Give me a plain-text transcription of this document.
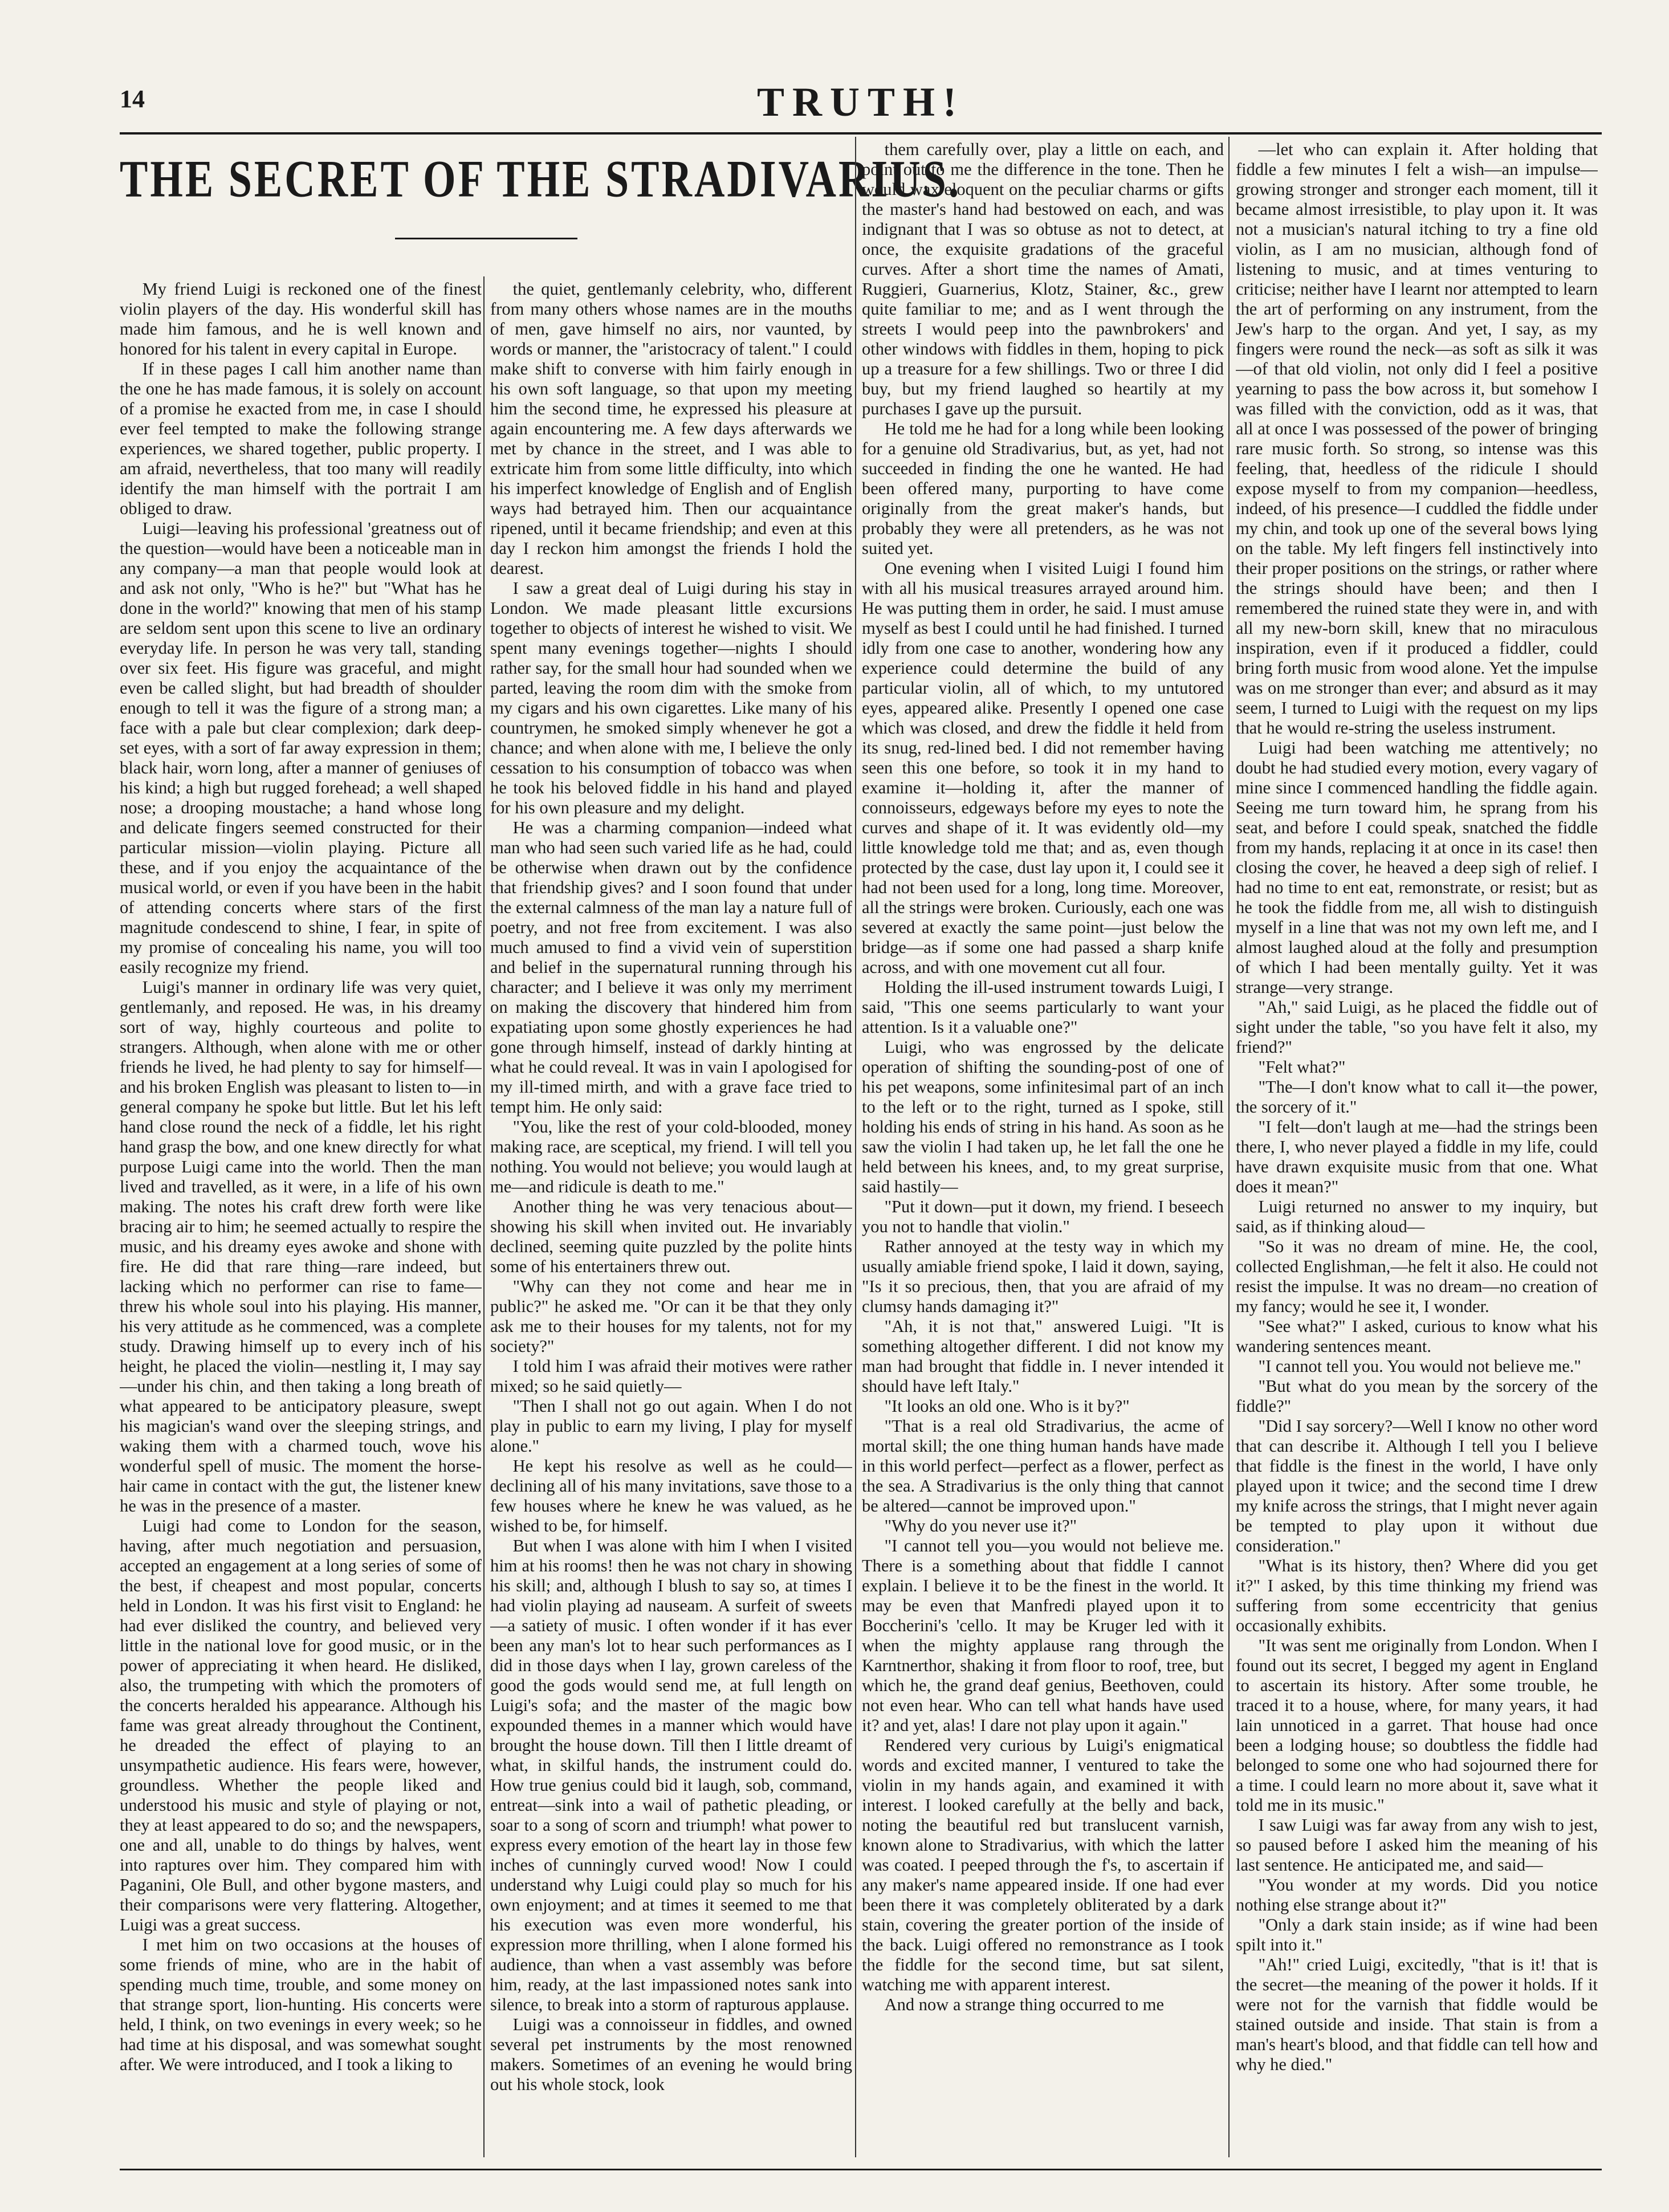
14	TRUTH!
THE SECRET OF THE STRADIVARIUS.

My friend Luigi is reckoned one of the finest violin players of the day. His wonderful skill has made him famous, and he is well known and honored for his talent in every capital in Europe.

If in these pages I call him another name than the one he has made famous, it is solely on account of a promise he exacted from me, in case I should ever feel tempted to make the following strange experiences, we shared together, public property. I am afraid, nevertheless, that too many will readily identify the man himself with the portrait I am obliged to draw.

Luigi—leaving his professional 'greatness out of the question—would have been a noticeable man in any company—a man that people would look at and ask not only, "Who is he?" but "What has he done in the world?" knowing that men of his stamp are seldom sent upon this scene to live an ordinary everyday life. In person he was very tall, standing over six feet. His figure was graceful, and might even be called slight, but had breadth of shoulder enough to tell it was the figure of a strong man; a face with a pale but clear complexion; dark deep-set eyes, with a sort of far away expression in them; black hair, worn long, after a manner of geniuses of his kind; a high but rugged forehead; a well shaped nose; a drooping moustache; a hand whose long and delicate fingers seemed constructed for their particular mission—violin playing. Picture all these, and if you enjoy the acquaintance of the musical world, or even if you have been in the habit of attending concerts where stars of the first magnitude condescend to shine, I fear, in spite of my promise of concealing his name, you will too easily recognize my friend.

Luigi's manner in ordinary life was very quiet, gentlemanly, and reposed. He was, in his dreamy sort of way, highly courteous and polite to strangers. Although, when alone with me or other friends he lived, he had plenty to say for himself—and his broken English was pleasant to listen to—in general company he spoke but little. But let his left hand close round the neck of a fiddle, let his right hand grasp the bow, and one knew directly for what purpose Luigi came into the world. Then the man lived and travelled, as it were, in a life of his own making. The notes his craft drew forth were like bracing air to him; he seemed actually to respire the music, and his dreamy eyes awoke and shone with fire. He did that rare thing—rare indeed, but lacking which no performer can rise to fame—threw his whole soul into his playing. His manner, his very attitude as he commenced, was a complete study. Drawing himself up to every inch of his height, he placed the violin—nestling it, I may say—under his chin, and then taking a long breath of what appeared to be anticipatory pleasure, swept his magician's wand over the sleeping strings, and waking them with a charmed touch, wove his wonderful spell of music. The moment the horse-hair came in contact with the gut, the listener knew he was in the presence of a master.

Luigi had come to London for the season, having, after much negotiation and persuasion, accepted an engagement at a long series of some of the best, if cheapest and most popular, concerts held in London. It was his first visit to England: he had ever disliked the country, and believed very little in the national love for good music, or in the power of appreciating it when heard. He disliked, also, the trumpeting with which the promoters of the concerts heralded his appearance. Although his fame was great already throughout the Continent, he dreaded the effect of playing to an unsympathetic audience. His fears were, however, groundless. Whether the people liked and understood his music and style of playing or not, they at least appeared to do so; and the newspapers, one and all, unable to do things by halves, went into raptures over him. They compared him with Paganini, Ole Bull, and other bygone masters, and their comparisons were very flattering. Altogether, Luigi was a great success.

I met him on two occasions at the houses of some friends of mine, who are in the habit of spending much time, trouble, and some money on that strange sport, lion-hunting. His concerts were held, I think, on two evenings in every week; so he had time at his disposal, and was somewhat sought after. We were introduced, and I took a liking to

the quiet, gentlemanly celebrity, who, different from many others whose names are in the mouths of men, gave himself no airs, nor vaunted, by words or manner, the "aristocracy of talent." I could make shift to converse with him fairly enough in his own soft language, so that upon my meeting him the second time, he expressed his pleasure at again encountering me. A few days afterwards we met by chance in the street, and I was able to extricate him from some little difficulty, into which his imperfect knowledge of English and of English ways had betrayed him. Then our acquaintance ripened, until it became friendship; and even at this day I reckon him amongst the friends I hold the dearest.

I saw a great deal of Luigi during his stay in London. We made pleasant little excursions together to objects of interest he wished to visit. We spent many evenings together—nights I should rather say, for the small hour had sounded when we parted, leaving the room dim with the smoke from my cigars and his own cigarettes. Like many of his countrymen, he smoked simply whenever he got a chance; and when alone with me, I believe the only cessation to his consumption of tobacco was when he took his beloved fiddle in his hand and played for his own pleasure and my delight.

He was a charming companion—indeed what man who had seen such varied life as he had, could be otherwise when drawn out by the confidence that friendship gives? and I soon found that under the external calmness of the man lay a nature full of poetry, and not free from excitement. I was also much amused to find a vivid vein of superstition and belief in the supernatural running through his character; and I believe it was only my merriment on making the discovery that hindered him from expatiating upon some ghostly experiences he had gone through himself, instead of darkly hinting at what he could reveal. It was in vain I apologised for my ill-timed mirth, and with a grave face tried to tempt him. He only said:

"You, like the rest of your cold-blooded, money making race, are sceptical, my friend. I will tell you nothing. You would not believe; you would laugh at me—and ridicule is death to me."

Another thing he was very tenacious about—showing his skill when invited out. He invariably declined, seeming quite puzzled by the polite hints some of his entertainers threw out.

"Why can they not come and hear me in public?" he asked me. "Or can it be that they only ask me to their houses for my talents, not for my society?"

I told him I was afraid their motives were rather mixed; so he said quietly—

"Then I shall not go out again. When I do not play in public to earn my living, I play for myself alone."

He kept his resolve as well as he could—declining all of his many invitations, save those to a few houses where he knew he was valued, as he wished to be, for himself.

But when I was alone with him I when I visited him at his rooms! then he was not chary in showing his skill; and, although I blush to say so, at times I had violin playing ad nauseam. A surfeit of sweets—a satiety of music. I often wonder if it has ever been any man's lot to hear such performances as I did in those days when I lay, grown careless of the good the gods would send me, at full length on Luigi's sofa; and the master of the magic bow expounded themes in a manner which would have brought the house down. Till then I little dreamt of what, in skilful hands, the instrument could do. How true genius could bid it laugh, sob, command, entreat—sink into a wail of pathetic pleading, or soar to a song of scorn and triumph! what power to express every emotion of the heart lay in those few inches of cunningly curved wood! Now I could understand why Luigi could play so much for his own enjoyment; and at times it seemed to me that his execution was even more wonderful, his expression more thrilling, when I alone formed his audience, than when a vast assembly was before him, ready, at the last impassioned notes sank into silence, to break into a storm of rapturous applause.

Luigi was a connoisseur in fiddles, and owned several pet instruments by the most renowned makers. Sometimes of an evening he would bring out his whole stock, look

them carefully over, play a little on each, and point out to me the difference in the tone. Then he would wax eloquent on the peculiar charms or gifts the master's hand had bestowed on each, and was indignant that I was so obtuse as not to detect, at once, the exquisite gradations of the graceful curves. After a short time the names of Amati, Ruggieri, Guarnerius, Klotz, Stainer, &c., grew quite familiar to me; and as I went through the streets I would peep into the pawnbrokers' and other windows with fiddles in them, hoping to pick up a treasure for a few shillings. Two or three I did buy, but my friend laughed so heartily at my purchases I gave up the pursuit.

He told me he had for a long while been looking for a genuine old Stradivarius, but, as yet, had not succeeded in finding the one he wanted. He had been offered many, purporting to have come originally from the great maker's hands, but probably they were all pretenders, as he was not suited yet.

One evening when I visited Luigi I found him with all his musical treasures arrayed around him. He was putting them in order, he said. I must amuse myself as best I could until he had finished. I turned idly from one case to another, wondering how any experience could determine the build of any particular violin, all of which, to my untutored eyes, appeared alike. Presently I opened one case which was closed, and drew the fiddle it held from its snug, red-lined bed. I did not remember having seen this one before, so took it in my hand to examine it—holding it, after the manner of connoisseurs, edgeways before my eyes to note the curves and shape of it. It was evidently old—my little knowledge told me that; and as, even though protected by the case, dust lay upon it, I could see it had not been used for a long, long time. Moreover, all the strings were broken. Curiously, each one was severed at exactly the same point—just below the bridge—as if some one had passed a sharp knife across, and with one movement cut all four.

Holding the ill-used instrument towards Luigi, I said, "This one seems particularly to want your attention. Is it a valuable one?"

Luigi, who was engrossed by the delicate operation of shifting the sounding-post of one of his pet weapons, some infinitesimal part of an inch to the left or to the right, turned as I spoke, still holding his ends of string in his hand. As soon as he saw the violin I had taken up, he let fall the one he held between his knees, and, to my great surprise, said hastily—

"Put it down—put it down, my friend. I beseech you not to handle that violin."

Rather annoyed at the testy way in which my usually amiable friend spoke, I laid it down, saying, "Is it so precious, then, that you are afraid of my clumsy hands damaging it?"

"Ah, it is not that," answered Luigi. "It is something altogether different. I did not know my man had brought that fiddle in. I never intended it should have left Italy."

"It looks an old one. Who is it by?"

"That is a real old Stradivarius, the acme of mortal skill; the one thing human hands have made in this world perfect—perfect as a flower, perfect as the sea. A Stradivarius is the only thing that cannot be altered—cannot be improved upon."

"Why do you never use it?"

"I cannot tell you—you would not believe me. There is a something about that fiddle I cannot explain. I believe it to be the finest in the world. It may be even that Manfredi played upon it to Boccherini's 'cello. It may be Kruger led with it when the mighty applause rang through the Karntnerthor, shaking it from floor to roof, tree, but which he, the grand deaf genius, Beethoven, could not even hear. Who can tell what hands have used it? and yet, alas! I dare not play upon it again."

Rendered very curious by Luigi's enigmatical words and excited manner, I ventured to take the violin in my hands again, and examined it with interest. I looked carefully at the belly and back, noting the beautiful red but translucent varnish, known alone to Stradivarius, with which the latter was coated. I peeped through the f's, to ascertain if any maker's name appeared inside. If one had ever been there it was completely obliterated by a dark stain, covering the greater portion of the inside of the back. Luigi offered no remonstrance as I took the fiddle for the second time, but sat silent, watching me with apparent interest.

And now a strange thing occurred to me

—let who can explain it. After holding that fiddle a few minutes I felt a wish—an impulse—growing stronger and stronger each moment, till it became almost irresistible, to play upon it. It was not a musician's natural itching to try a fine old violin, as I am no musician, although fond of listening to music, and at times venturing to criticise; neither have I learnt nor attempted to learn the art of performing on any instrument, from the Jew's harp to the organ. And yet, I say, as my fingers were round the neck—as soft as silk it was—of that old violin, not only did I feel a positive yearning to pass the bow across it, but somehow I was filled with the conviction, odd as it was, that all at once I was possessed of the power of bringing rare music forth. So strong, so intense was this feeling, that, heedless of the ridicule I should expose myself to from my companion—heedless, indeed, of his presence—I cuddled the fiddle under my chin, and took up one of the several bows lying on the table. My left fingers fell instinctively into their proper positions on the strings, or rather where the strings should have been; and then I remembered the ruined state they were in, and with all my new-born skill, knew that no miraculous inspiration, even if it produced a fiddler, could bring forth music from wood alone. Yet the impulse was on me stronger than ever; and absurd as it may seem, I turned to Luigi with the request on my lips that he would re-string the useless instrument.

Luigi had been watching me attentively; no doubt he had studied every motion, every vagary of mine since I commenced handling the fiddle again. Seeing me turn toward him, he sprang from his seat, and before I could speak, snatched the fiddle from my hands, replacing it at once in its case! then closing the cover, he heaved a deep sigh of relief. I had no time to ent eat, remonstrate, or resist; but as he took the fiddle from me, all wish to distinguish myself in a line that was not my own left me, and I almost laughed aloud at the folly and presumption of which I had been mentally guilty. Yet it was strange—very strange.

"Ah," said Luigi, as he placed the fiddle out of sight under the table, "so you have felt it also, my friend?"

"Felt what?"

"The—I don't know what to call it—the power, the sorcery of it."

"I felt—don't laugh at me—had the strings been there, I, who never played a fiddle in my life, could have drawn exquisite music from that one. What does it mean?"

Luigi returned no answer to my inquiry, but said, as if thinking aloud—

"So it was no dream of mine. He, the cool, collected Englishman,—he felt it also. He could not resist the impulse. It was no dream—no creation of my fancy; would he see it, I wonder.

"See what?" I asked, curious to know what his wandering sentences meant.

"I cannot tell you. You would not believe me."

"But what do you mean by the sorcery of the fiddle?"

"Did I say sorcery?—Well I know no other word that can describe it. Although I tell you I believe that fiddle is the finest in the world, I have only played upon it twice; and the second time I drew my knife across the strings, that I might never again be tempted to play upon it without due consideration."

"What is its history, then? Where did you get it?" I asked, by this time thinking my friend was suffering from some eccentricity that genius occasionally exhibits.

"It was sent me originally from London. When I found out its secret, I begged my agent in England to ascertain its history. After some trouble, he traced it to a house, where, for many years, it had lain unnoticed in a garret. That house had once been a lodging house; so doubtless the fiddle had belonged to some one who had sojourned there for a time. I could learn no more about it, save what it told me in its music."

I saw Luigi was far away from any wish to jest, so paused before I asked him the meaning of his last sentence. He anticipated me, and said—

"You wonder at my words. Did you notice nothing else strange about it?"

"Only a dark stain inside; as if wine had been spilt into it."

"Ah!" cried Luigi, excitedly, "that is it! that is the secret—the meaning of the power it holds. If it were not for the varnish that fiddle would be stained outside and inside. That stain is from a man's heart's blood, and that fiddle can tell how and why he died."
